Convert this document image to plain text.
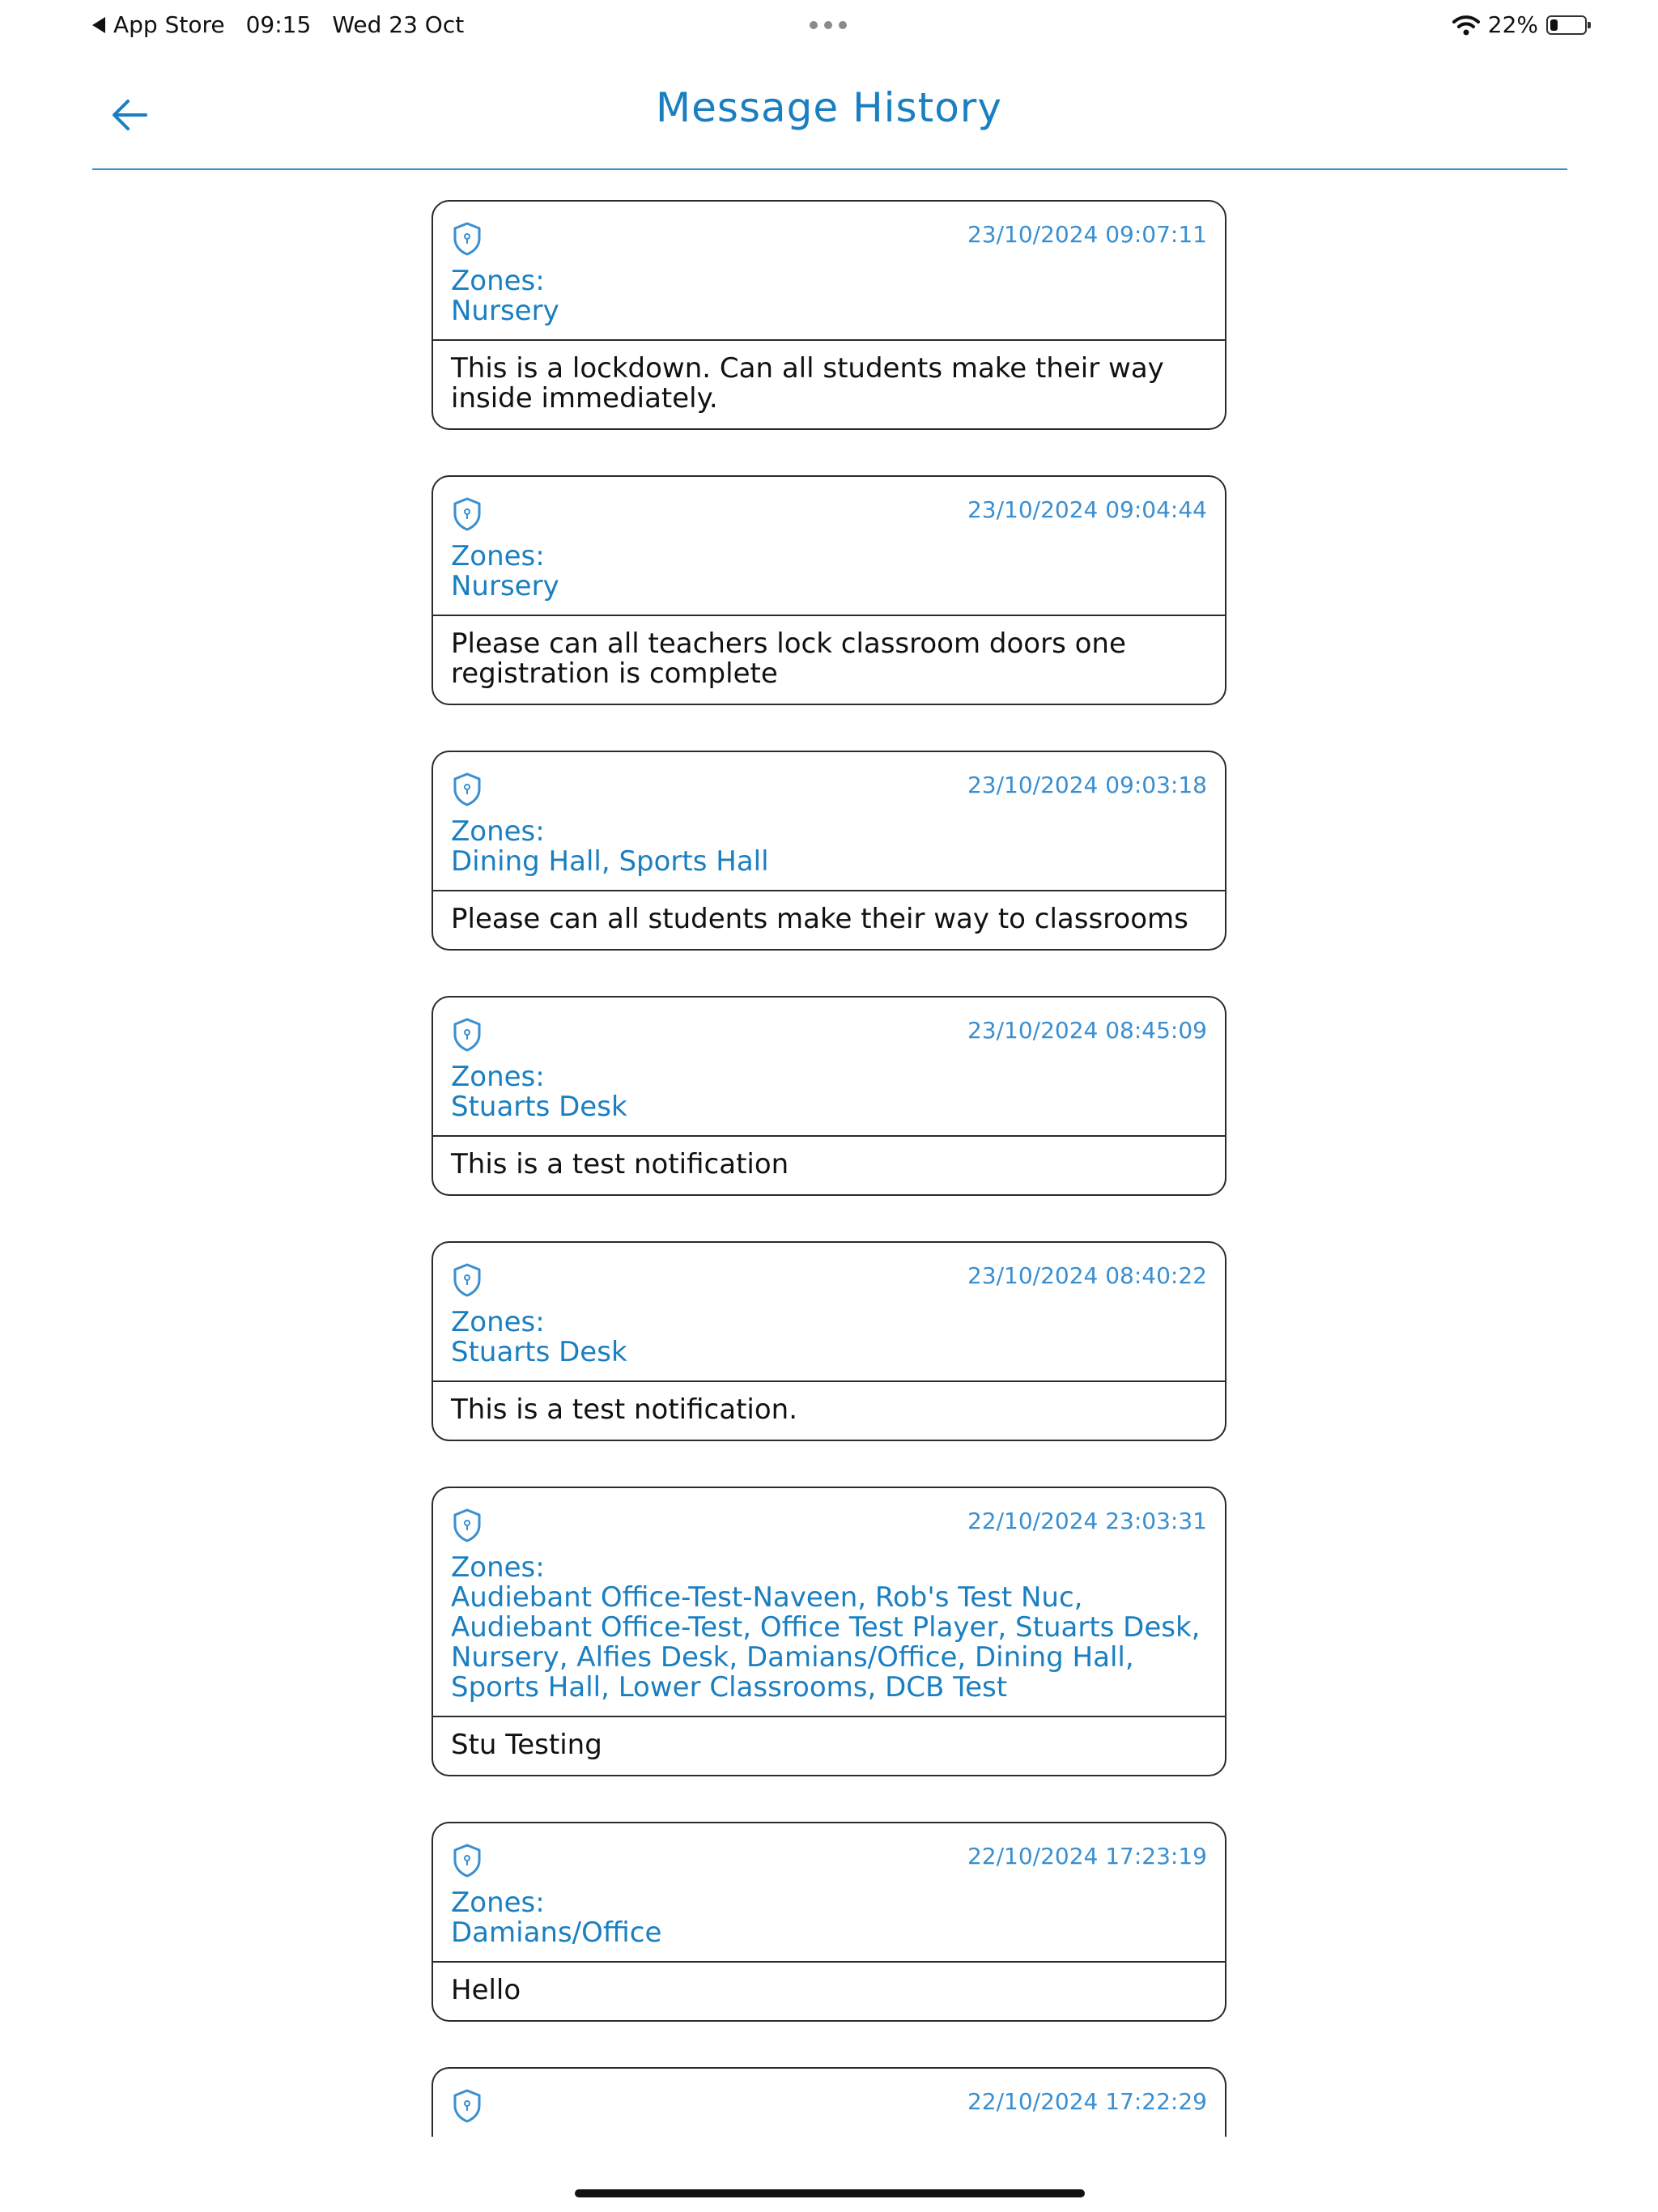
App Store 09:15 Wed 23 Oct	22%
Message History
23/10/2024 09:07:11
Zones:
Nursery
This is a lockdown. Can all students make their way inside immediately.
23/10/2024 09:04:44
Zones:
Nursery
Please can all teachers lock classroom doors one registration is complete
23/10/2024 09:03:18
Zones:
Dining Hall, Sports Hall
Please can all students make their way to classrooms
23/10/2024 08:45:09
Zones:
Stuarts Desk
This is a test notification
23/10/2024 08:40:22
Zones:
Stuarts Desk
This is a test notification.
22/10/2024 23:03:31
Zones:
Audiebant Office-Test-Naveen, Rob's Test Nuc, Audiebant Office-Test, Office Test Player, Stuarts Desk, Nursery, Alfies Desk, Damians/Office, Dining Hall, Sports Hall, Lower Classrooms, DCB Test
Stu Testing
22/10/2024 17:23:19
Zones:
Damians/Office
Hello
22/10/2024 17:22:29
